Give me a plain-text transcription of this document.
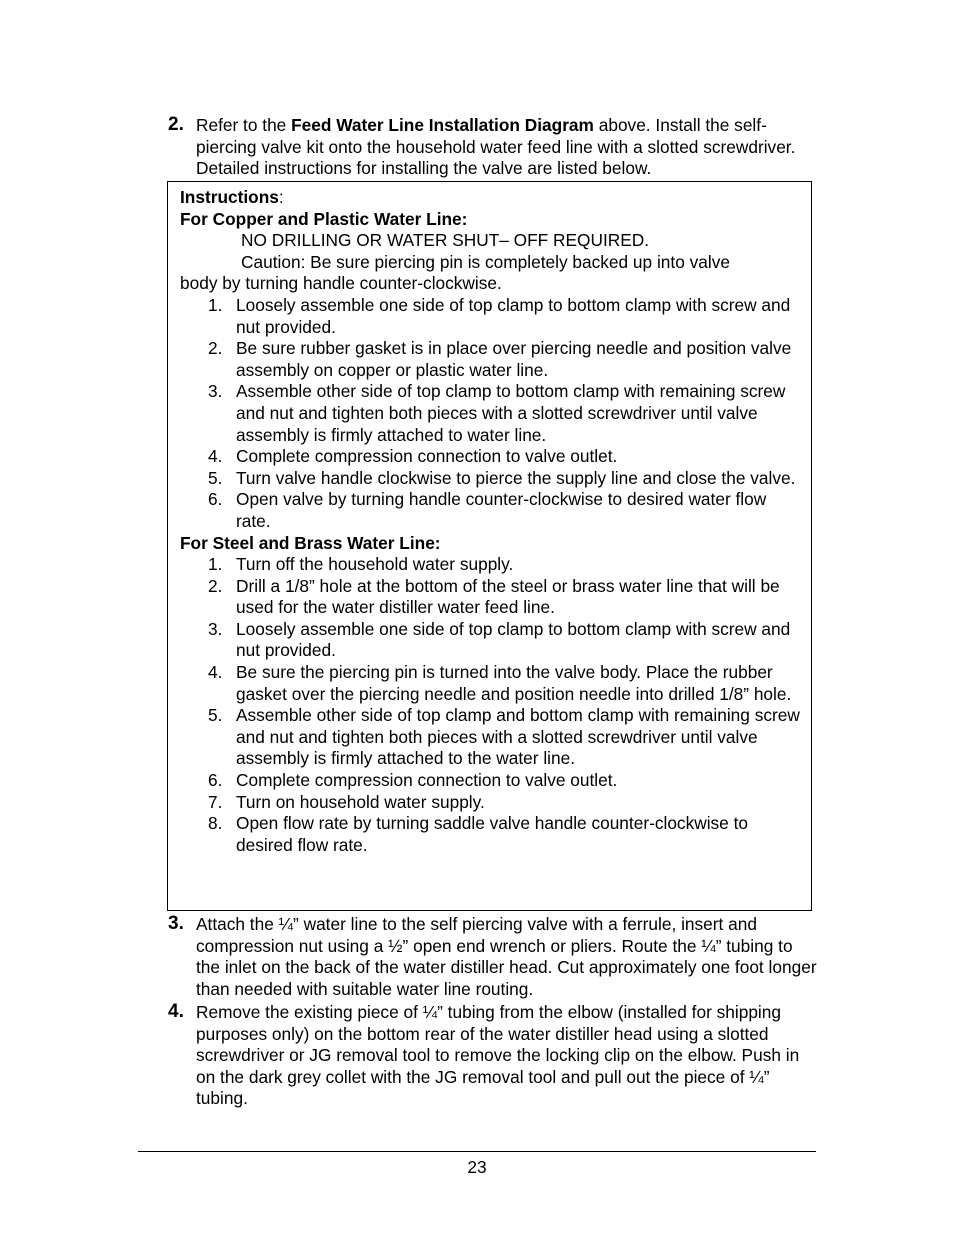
2. Refer to the Feed Water Line Installation Diagram above. Install the self-piercing valve kit onto the household water feed line with a slotted screwdriver. Detailed instructions for installing the valve are listed below.
Instructions:
For Copper and Plastic Water Line:
NO DRILLING OR WATER SHUT– OFF REQUIRED.
Caution: Be sure piercing pin is completely backed up into valve
body by turning handle counter-clockwise.
1. Loosely assemble one side of top clamp to bottom clamp with screw and nut provided.
2. Be sure rubber gasket is in place over piercing needle and position valve assembly on copper or plastic water line.
3. Assemble other side of top clamp to bottom clamp with remaining screw and nut and tighten both pieces with a slotted screwdriver until valve assembly is firmly attached to water line.
4. Complete compression connection to valve outlet.
5. Turn valve handle clockwise to pierce the supply line and close the valve.
6. Open valve by turning handle counter-clockwise to desired water flow rate.
For Steel and Brass Water Line:
1. Turn off the household water supply.
2. Drill a 1/8” hole at the bottom of the steel or brass water line that will be used for the water distiller water feed line.
3. Loosely assemble one side of top clamp to bottom clamp with screw and nut provided.
4. Be sure the piercing pin is turned into the valve body. Place the rubber gasket over the piercing needle and position needle into drilled 1/8” hole.
5. Assemble other side of top clamp and bottom clamp with remaining screw and nut and tighten both pieces with a slotted screwdriver until valve assembly is firmly attached to the water line.
6. Complete compression connection to valve outlet.
7. Turn on household water supply.
8. Open flow rate by turning saddle valve handle counter-clockwise to desired flow rate.
3. Attach the ¼” water line to the self piercing valve with a ferrule, insert and compression nut using a ½” open end wrench or pliers. Route the ¼” tubing to the inlet on the back of the water distiller head. Cut approximately one foot longer than needed with suitable water line routing.
4. Remove the existing piece of ¼” tubing from the elbow (installed for shipping purposes only) on the bottom rear of the water distiller head using a slotted screwdriver or JG removal tool to remove the locking clip on the elbow. Push in on the dark grey collet with the JG removal tool and pull out the piece of ¼” tubing.
23
